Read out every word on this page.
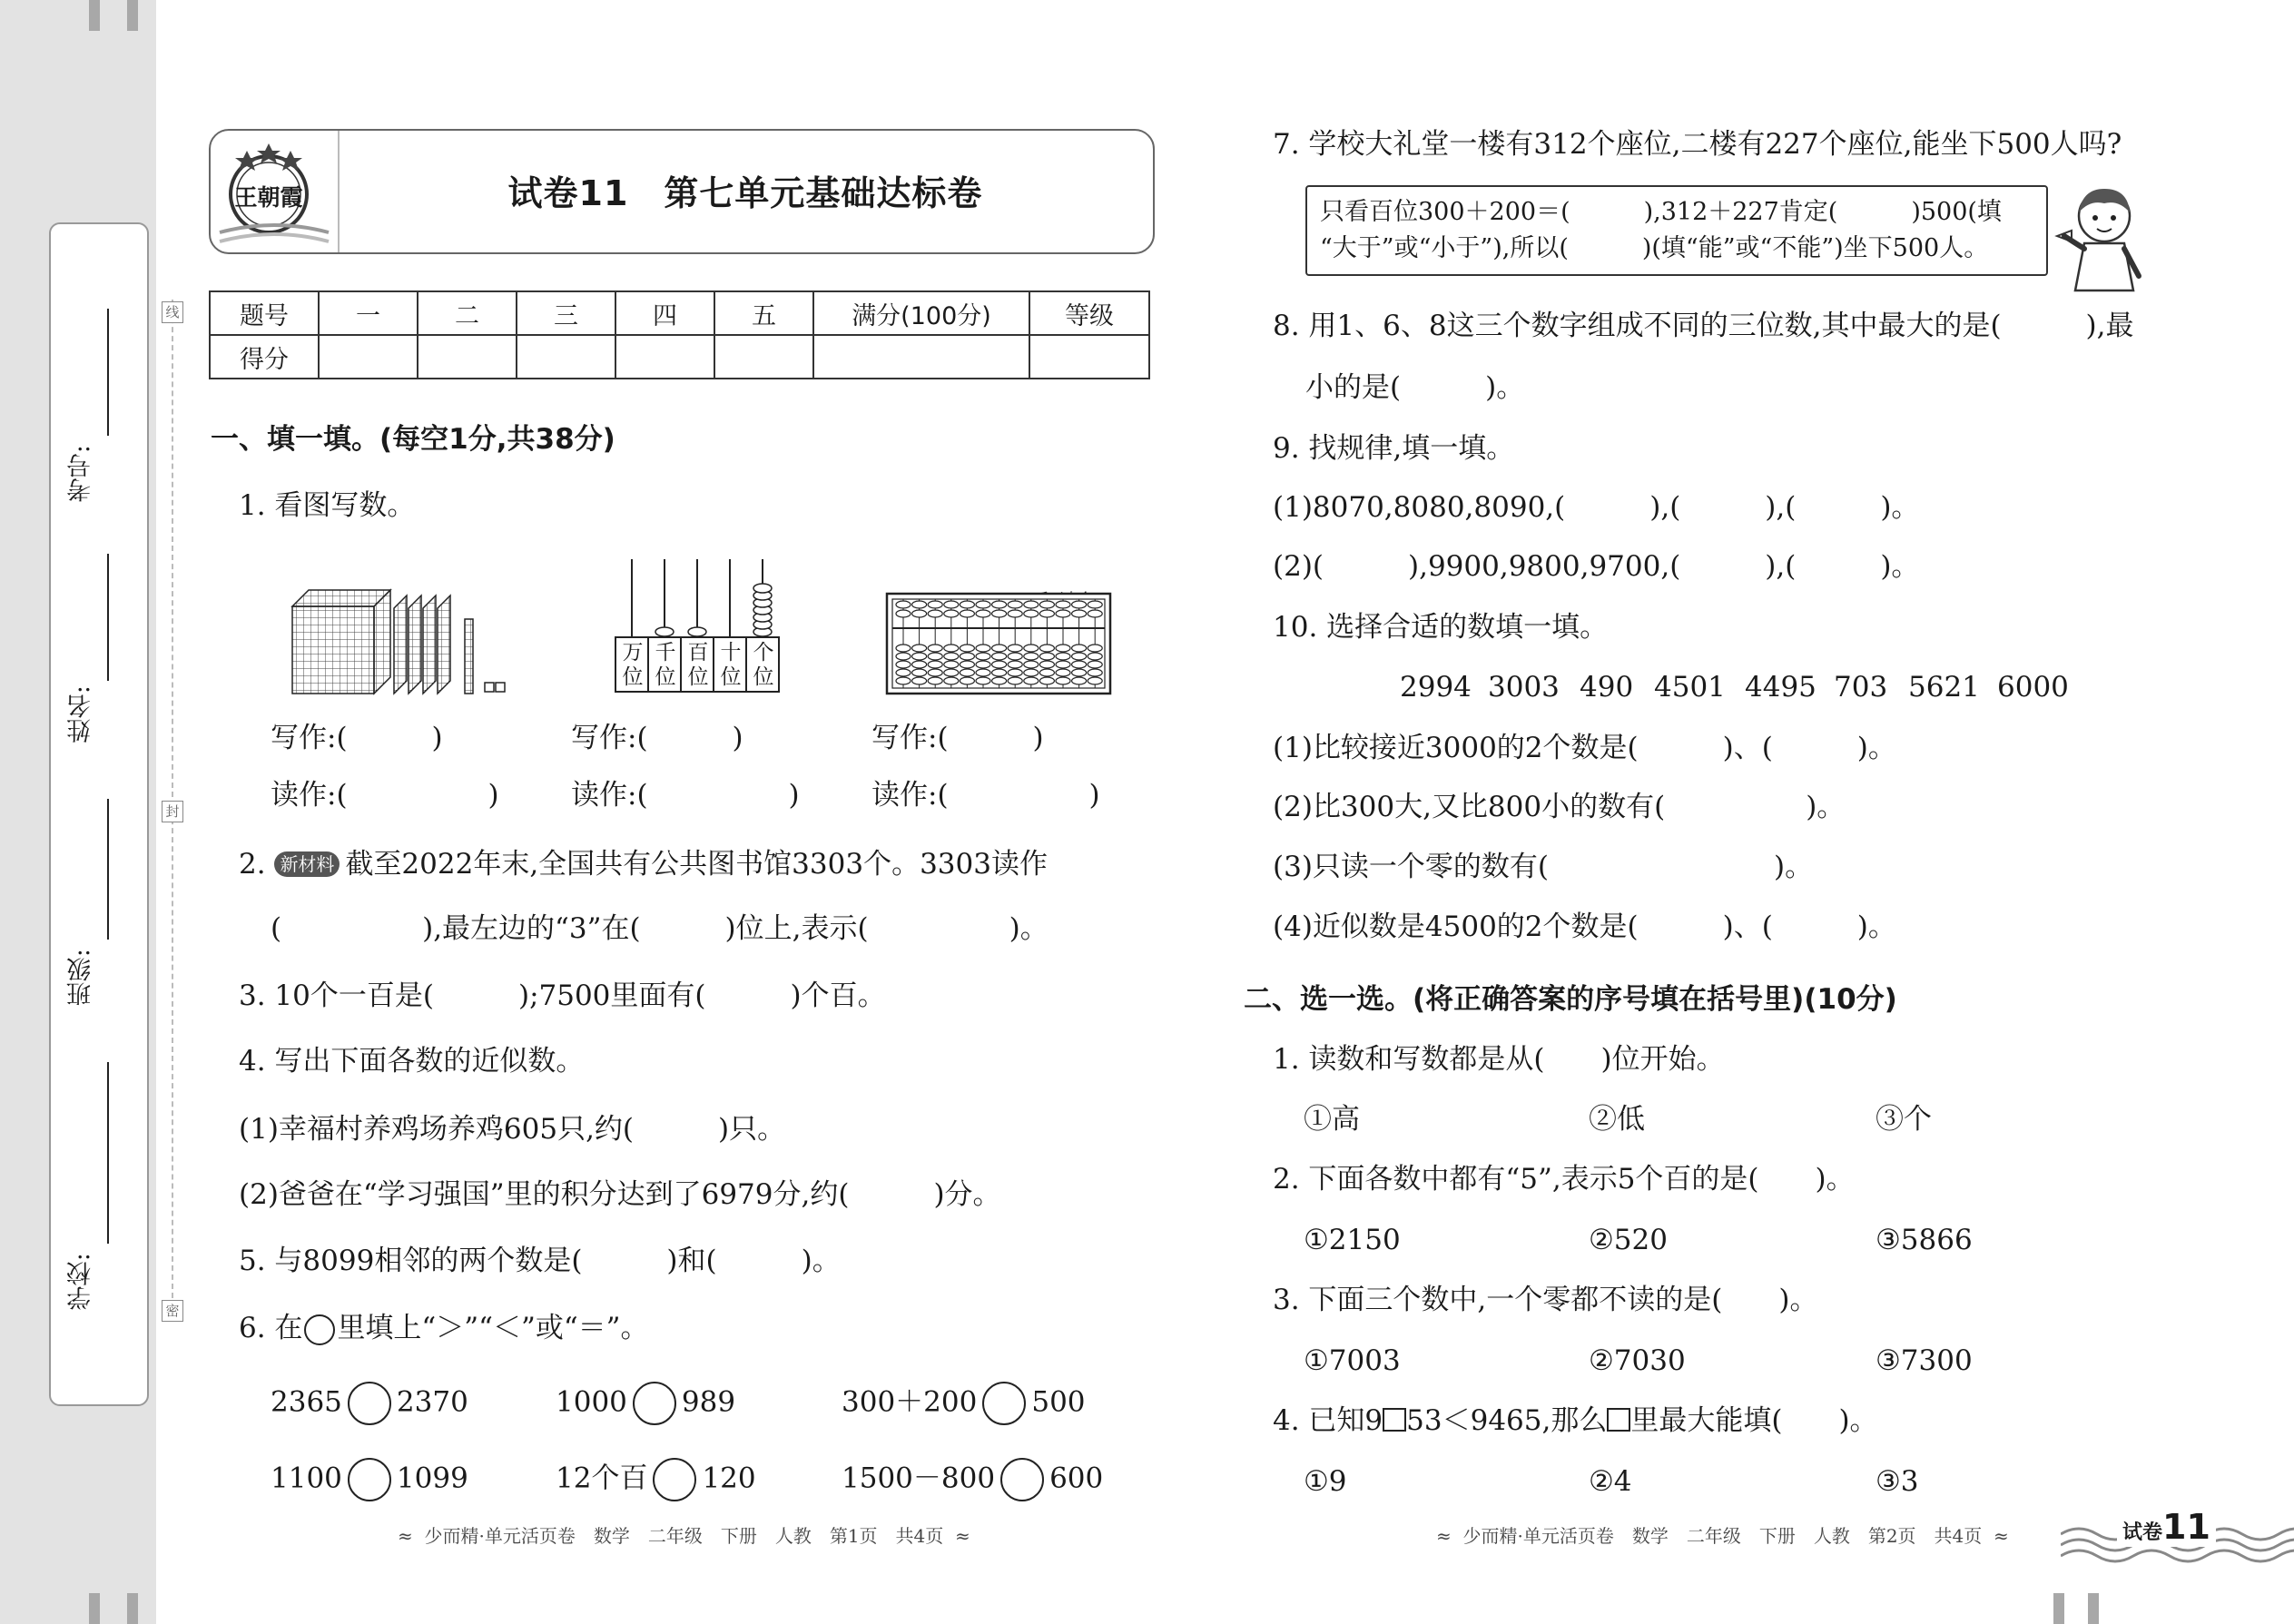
考号:
姓名:
班级:
学校:
线
封
密
王朝霞	试卷11　第七单元基础达标卷
题号	一	二	三	四	五	满分(100分)	等级
得分							
一、填一填。(每空1分,共38分)
1. 看图写数。
万位
千位
百位
十位
个位

写作:(　　　)
读作:(　　　　　)
写作:(　　　)
读作:(　　　　　)
写作:(　　　)
读作:(　　　　　)
2. 新材料 截至2022年末,全国共有公共图书馆3303个。3303读作
(　　　　　),最左边的“3”在(　　　)位上,表示(　　　　　)。
3. 10个一百是(　　　);7500里面有(　　　)个百。
4. 写出下面各数的近似数。
(1)幸福村养鸡场养鸡605只,约(　　　)只。
(2)爸爸在“学习强国”里的积分达到了6979分,约(　　　)分。
5. 与8099相邻的两个数是(　　　)和(　　　)。
6. 在 里填上“＞”“＜”或“＝”。
2365 2370	1000 989	300＋200 500
1100 1099	12个百 120	1500－800 600
≈  少而精·单元活页卷　数学　二年级　下册　人教　第1页　共4页  ≈
7. 学校大礼堂一楼有312个座位,二楼有227个座位,能坐下500人吗?
只看百位300＋200＝(　　　),312＋227肯定(　　　)500(填
“大于”或“小于”),所以(　　　)(填“能”或“不能”)坐下500人。
8. 用1、6、8这三个数字组成不同的三位数,其中最大的是(　　　),最
小的是(　　　)。
9. 找规律,填一填。
(1)8070,8080,8090,(　　　),(　　　),(　　　)。
(2)(　　　),9900,9800,9700,(　　　),(　　　)。
10. 选择合适的数填一填。
2994 3003 490 4501 4495 703 5621 6000
(1)比较接近3000的2个数是(　　　)、(　　　)。
(2)比300大,又比800小的数有(　　　　　)。
(3)只读一个零的数有(　　　　　　　　)。
(4)近似数是4500的2个数是(　　　)、(　　　)。
二、选一选。(将正确答案的序号填在括号里)(10分)
1. 读数和写数都是从(　　)位开始。
①高	②低	③个
2. 下面各数中都有“5”,表示5个百的是(　　)。
①2150	②520	③5866
3. 下面三个数中,一个零都不读的是(　　)。
①7003	②7030	③7300
4. 已知9 53＜9465,那么 里最大能填(　　)。
①9	②4	③3
≈  少而精·单元活页卷　数学　二年级　下册　人教　第2页　共4页  ≈	试卷11
